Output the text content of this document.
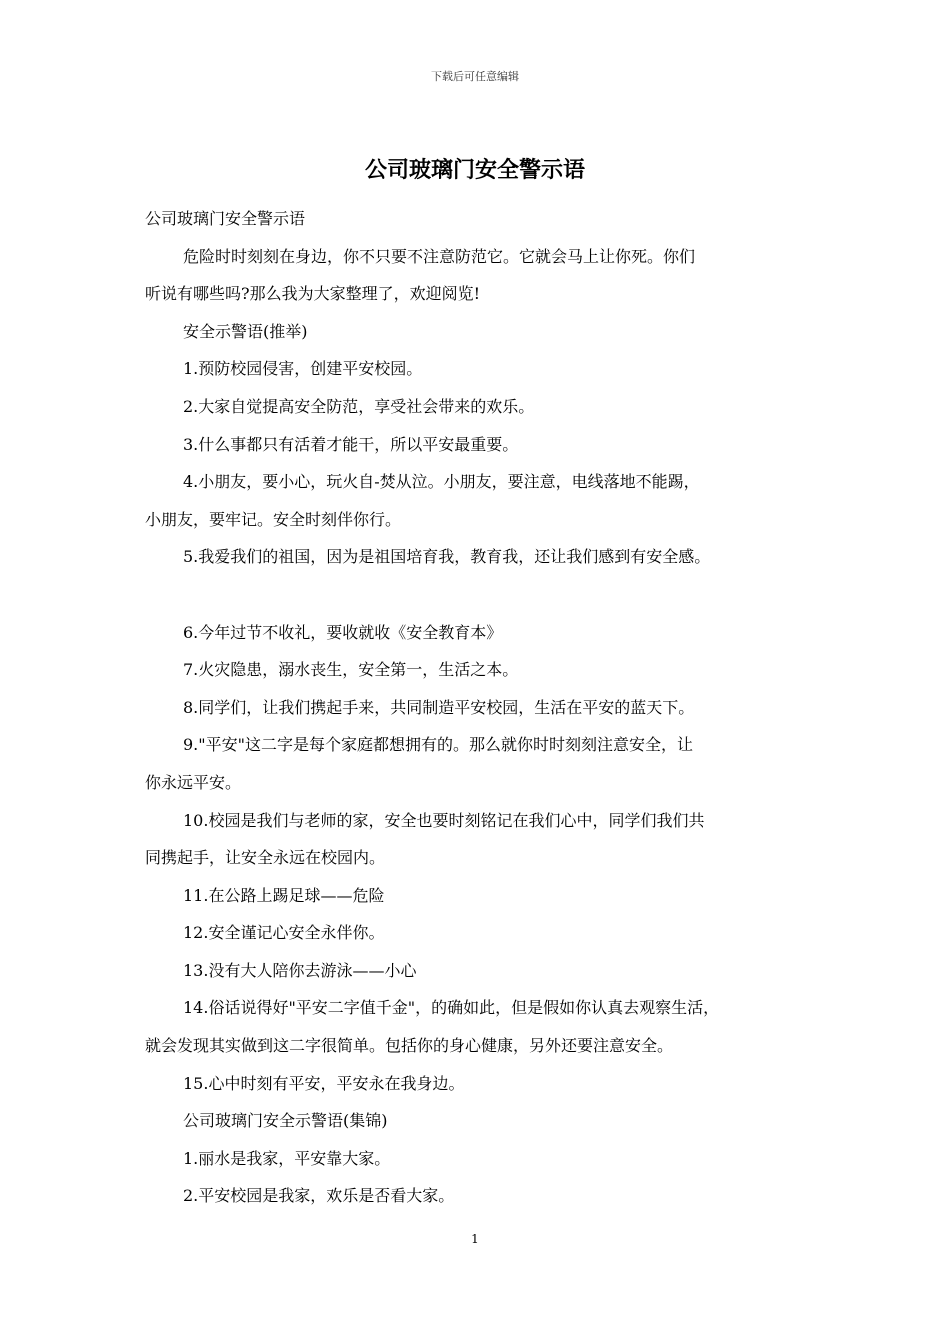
下载后可任意编辑
公司玻璃门安全警示语

公司玻璃门安全警示语

危险时时刻刻在身边，你不只要不注意防范它。它就会马上让你死。你们

听说有哪些吗?那么我为大家整理了，欢迎阅览!

安全示警语(推举)

1.预防校园侵害，创建平安校园。

2.大家自觉提高安全防范，享受社会带来的欢乐。

3.什么事都只有活着才能干，所以平安最重要。

4.小朋友，要小心，玩火自-焚从泣。小朋友，要注意，电线落地不能踢，

小朋友，要牢记。安全时刻伴你行。

5.我爱我们的祖国，因为是祖国培育我，教育我，还让我们感到有安全感。

6.今年过节不收礼，要收就收《安全教育本》

7.火灾隐患，溺水丧生，安全第一，生活之本。

8.同学们，让我们携起手来，共同制造平安校园，生活在平安的蓝天下。

9."平安"这二字是每个家庭都想拥有的。那么就你时时刻刻注意安全，让

你永远平安。

10.校园是我们与老师的家，安全也要时刻铭记在我们心中，同学们我们共

同携起手，让安全永远在校园内。

11.在公路上踢足球——危险

12.安全谨记心安全永伴你。

13.没有大人陪你去游泳——小心

14.俗话说得好"平安二字值千金"，的确如此，但是假如你认真去观察生活，

就会发现其实做到这二字很简单。包括你的身心健康，另外还要注意安全。

15.心中时刻有平安，平安永在我身边。

公司玻璃门安全示警语(集锦)

1.丽水是我家，平安靠大家。

2.平安校园是我家，欢乐是否看大家。

1
